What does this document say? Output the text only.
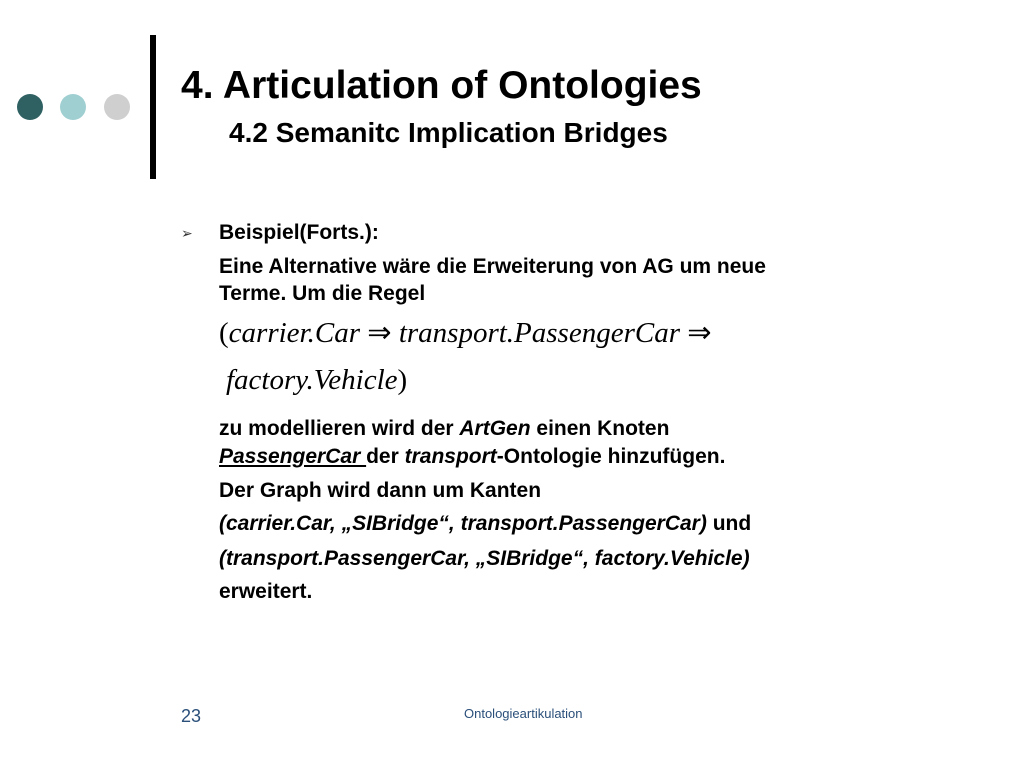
4. Articulation of Ontologies
4.2 Semanitc Implication Bridges
➢ Beispiel(Forts.):
Eine Alternative wäre die Erweiterung von AG um neue
Terme. Um die Regel
(carrier.Car ⇒ transport.PassengerCar ⇒
factory.Vehicle)
zu modellieren wird der ArtGen einen Knoten
PassengerCar der transport-Ontologie hinzufügen.
Der Graph wird dann um Kanten
(carrier.Car, „SIBridge“, transport.PassengerCar) und
(transport.PassengerCar, „SIBridge“, factory.Vehicle)
erweitert.
23	Ontologieartikulation
